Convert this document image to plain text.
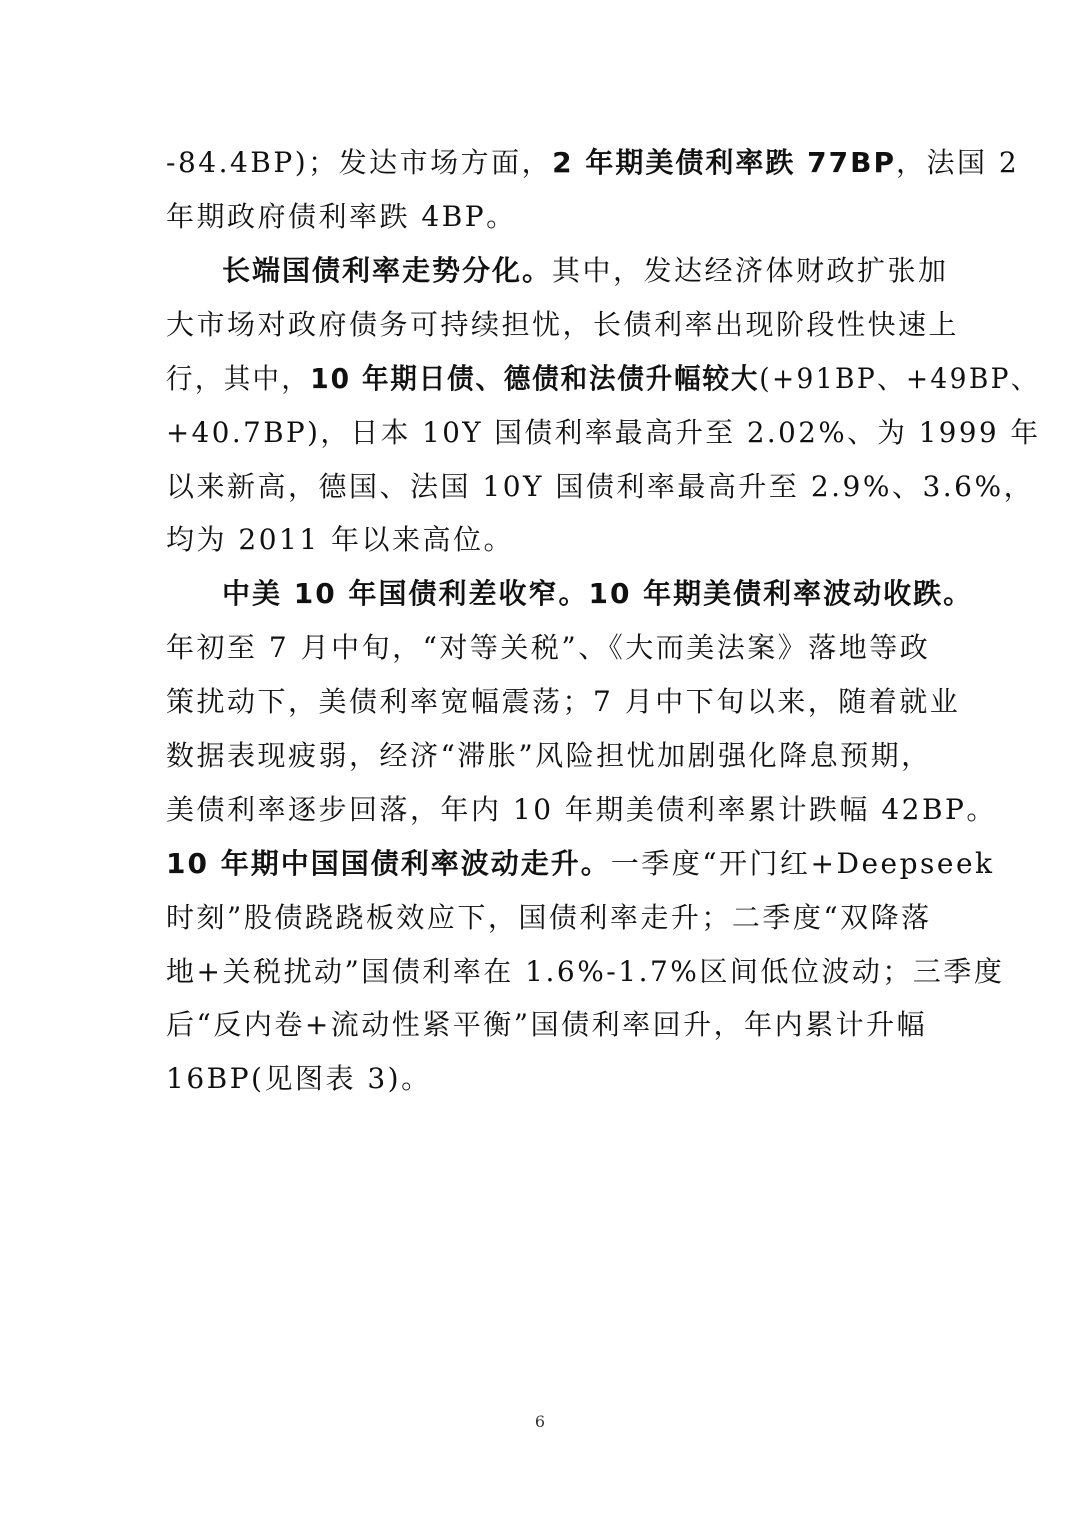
-84.4BP)；发达市场方面，2 年期美债利率跌 77BP，法国 2
年期政府债利率跌 4BP。
长端国债利率走势分化。其中，发达经济体财政扩张加
大市场对政府债务可持续担忧，长债利率出现阶段性快速上
行，其中，10 年期日债、德债和法债升幅较大(+91BP、+49BP、
+40.7BP)，日本 10Y 国债利率最高升至 2.02%、为 1999 年
以来新高，德国、法国 10Y 国债利率最高升至 2.9%、3.6%，
均为 2011 年以来高位。
中美 10 年国债利差收窄。10 年期美债利率波动收跌。
年初至 7 月中旬，“对等关税”、《大而美法案》落地等政
策扰动下，美债利率宽幅震荡；7 月中下旬以来，随着就业
数据表现疲弱，经济“滞胀”风险担忧加剧强化降息预期，
美债利率逐步回落，年内 10 年期美债利率累计跌幅 42BP。
10 年期中国国债利率波动走升。一季度“开门红+Deepseek
时刻”股债跷跷板效应下，国债利率走升；二季度“双降落
地+关税扰动”国债利率在 1.6%-1.7%区间低位波动；三季度
后“反内卷+流动性紧平衡”国债利率回升，年内累计升幅
16BP(见图表 3)。
6
